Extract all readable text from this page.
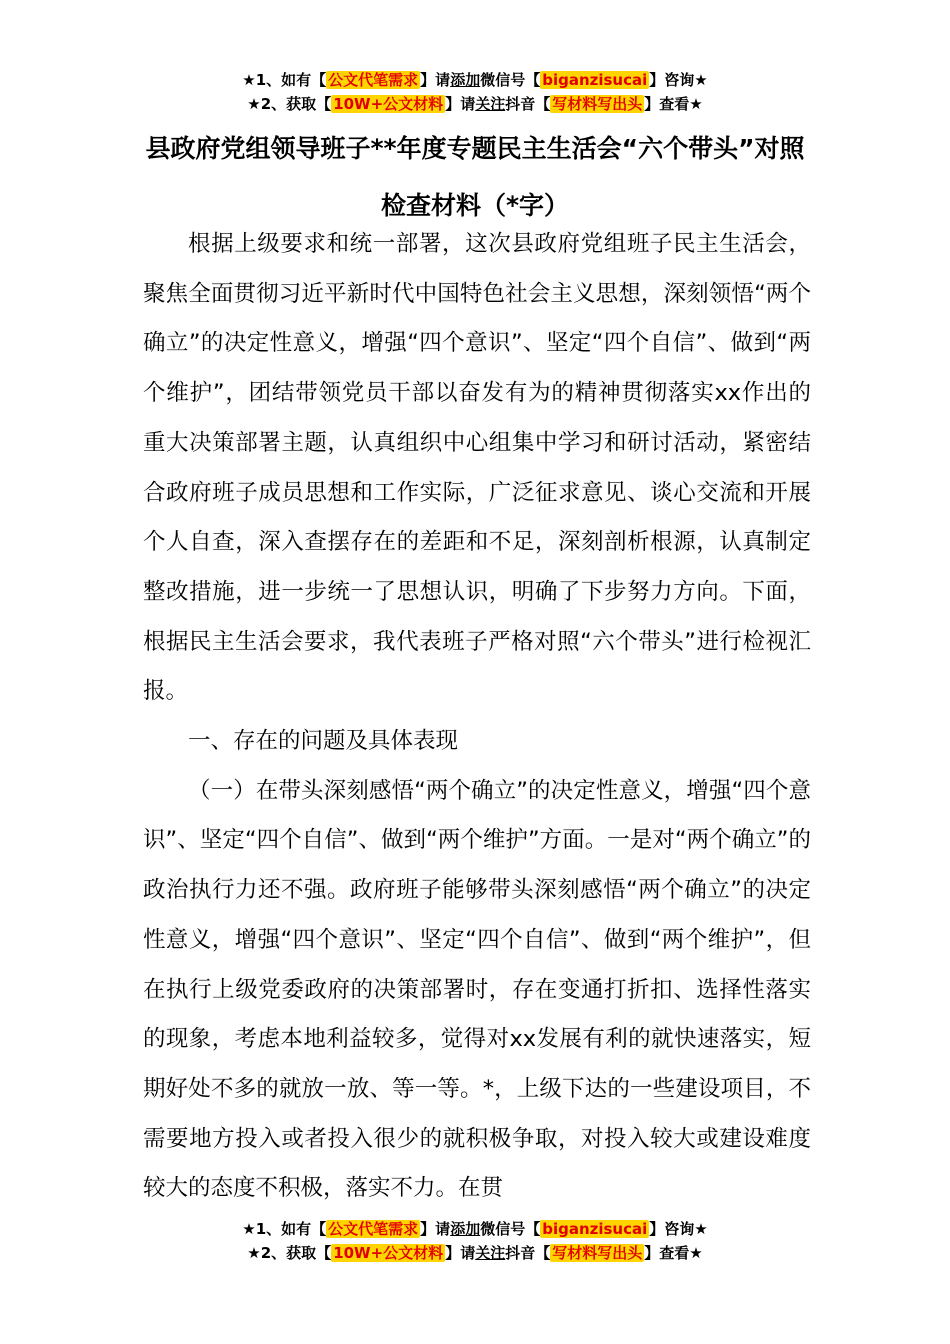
★1、如有【 公文代笔需求 】请添加微信号【 biganzisucai 】咨询★
★2、获取【 10W+公文材料 】请关注抖音【 写材料写出头 】查看★
县政府党组领导班子**年度专题民主生活会“六个带头”对照检查材料（*字）

根据上级要求和统一部署，这次县政府党组班子民主生活会，聚焦全面贯彻习近平新时代中国特色社会主义思想，深刻领悟“两个确立”的决定性意义，增强“四个意识”、坚定“四个自信”、做到“两个维护”，团结带领党员干部以奋发有为的精神贯彻落实xx作出的重大决策部署主题，认真组织中心组集中学习和研讨活动，紧密结合政府班子成员思想和工作实际，广泛征求意见、谈心交流和开展个人自查，深入查摆存在的差距和不足，深刻剖析根源，认真制定整改措施，进一步统一了思想认识，明确了下步努力方向。下面，根据民主生活会要求，我代表班子严格对照“六个带头”进行检视汇报。

一、存在的问题及具体表现

（一）在带头深刻感悟“两个确立”的决定性意义，增强“四个意识”、坚定“四个自信”、做到“两个维护”方面。一是对“两个确立”的政治执行力还不强。政府班子能够带头深刻感悟“两个确立”的决定性意义，增强“四个意识”、坚定“四个自信”、做到“两个维护”，但在执行上级党委政府的决策部署时，存在变通打折扣、选择性落实的现象，考虑本地利益较多，觉得对xx发展有利的就快速落实，短期好处不多的就放一放、等一等。*，上级下达的一些建设项目，不需要地方投入或者投入很少的就积极争取，对投入较大或建设难度较大的态度不积极，落实不力。在贯

★1、如有【 公文代笔需求 】请添加微信号【 biganzisucai 】咨询★
★2、获取【 10W+公文材料 】请关注抖音【 写材料写出头 】查看★
